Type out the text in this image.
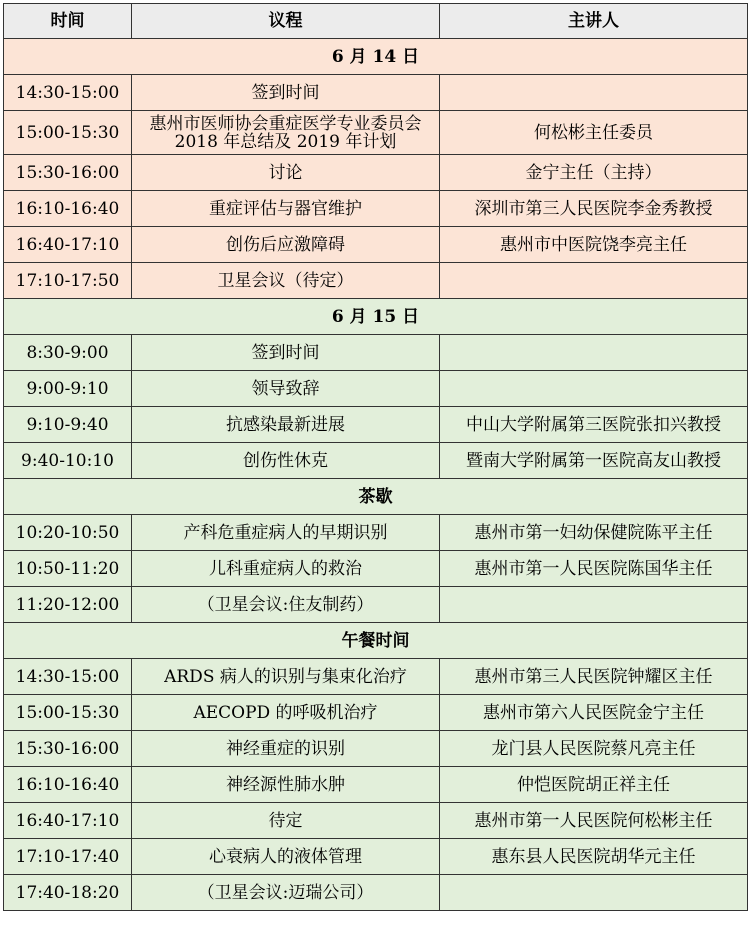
时间	议程	主讲人
6 月 14 日		
14:30-15:00	签到时间	
15:00-15:30	惠州市医师协会重症医学专业委员会 2018 年总结及 2019 年计划	何松彬主任委员
15:30-16:00	讨论	金宁主任（主持）
16:10-16:40	重症评估与器官维护	深圳市第三人民医院李金秀教授
16:40-17:10	创伤后应激障碍	惠州市中医院饶李亮主任
17:10-17:50	卫星会议（待定）	
6 月 15 日		
8:30-9:00	签到时间	
9:00-9:10	领导致辞	
9:10-9:40	抗感染最新进展	中山大学附属第三医院张扣兴教授
9:40-10:10	创伤性休克	暨南大学附属第一医院高友山教授
茶歇		
10:20-10:50	产科危重症病人的早期识别	惠州市第一妇幼保健院陈平主任
10:50-11:20	儿科重症病人的救治	惠州市第一人民医院陈国华主任
11:20-12:00	（卫星会议:住友制药）	
午餐时间		
14:30-15:00	ARDS 病人的识别与集束化治疗	惠州市第三人民医院钟耀区主任
15:00-15:30	AECOPD 的呼吸机治疗	惠州市第六人民医院金宁主任
15:30-16:00	神经重症的识别	龙门县人民医院蔡凡亮主任
16:10-16:40	神经源性肺水肿	仲恺医院胡正祥主任
16:40-17:10	待定	惠州市第一人民医院何松彬主任
17:10-17:40	心衰病人的液体管理	惠东县人民医院胡华元主任
17:40-18:20	（卫星会议:迈瑞公司）	
